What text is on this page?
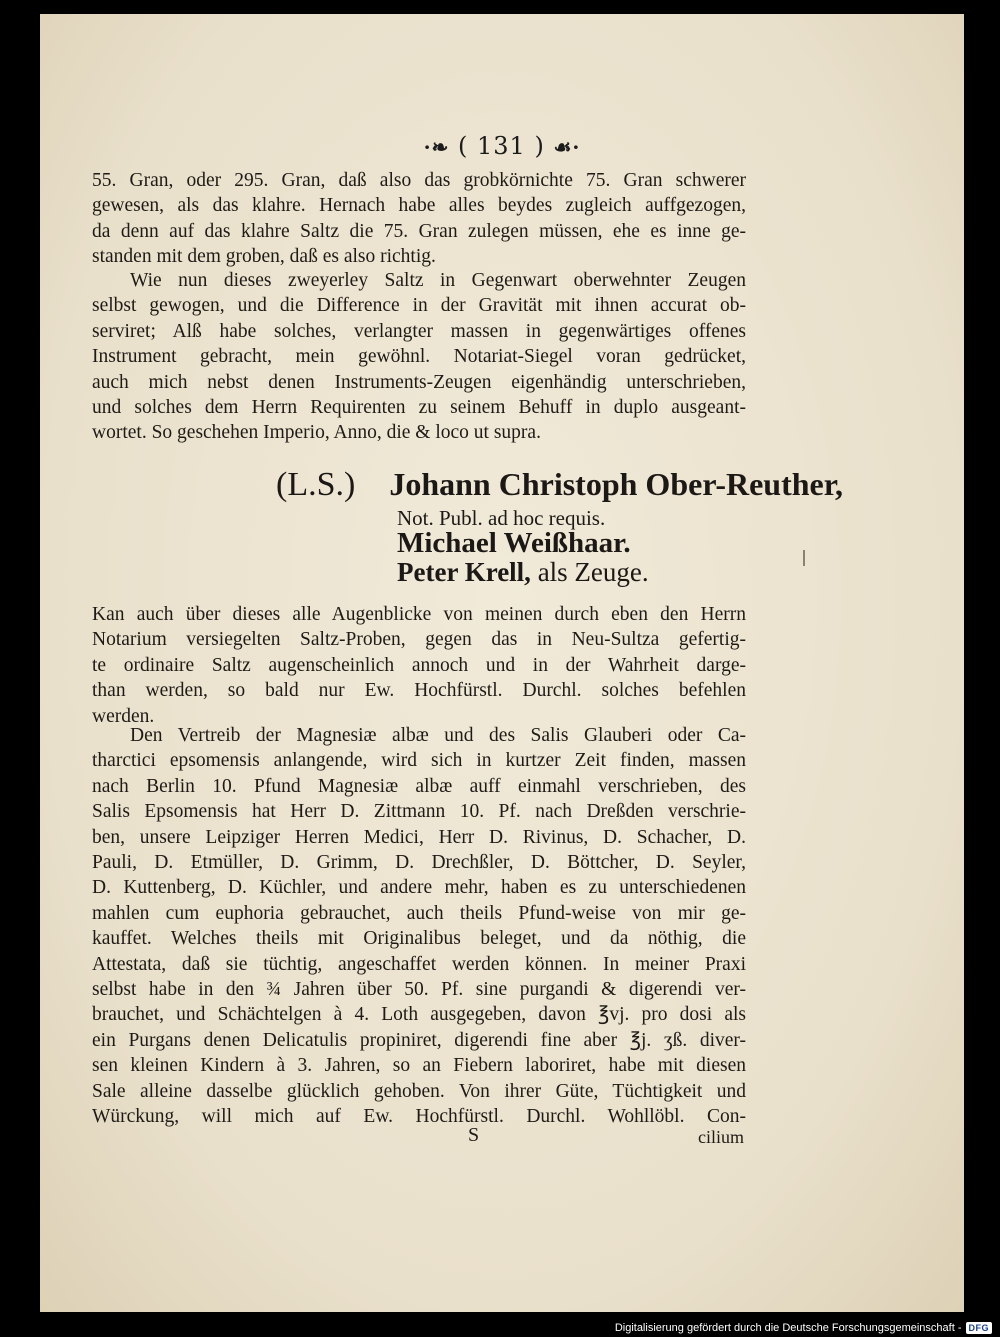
·❧ ( 131 ) ☙·
55. Gran, oder 295. Gran, daß also das grobkörnichte 75. Gran schwerer
gewesen, als das klahre. Hernach habe alles beydes zugleich auffgezogen,
da denn auf das klahre Saltz die 75. Gran zulegen müssen, ehe es inne ge-
standen mit dem groben, daß es also richtig.
Wie nun dieses zweyerley Saltz in Gegenwart oberwehnter Zeugen
selbst gewogen, und die Difference in der Gravität mit ihnen accurat ob-
serviret; Alß habe solches, verlangter massen in gegenwärtiges offenes
Instrument gebracht, mein gewöhnl. Notariat-Siegel voran gedrücket,
auch mich nebst denen Instruments-Zeugen eigenhändig unterschrieben,
und solches dem Herrn Requirenten zu seinem Behuff in duplo ausgeant-
wortet. So geschehen Imperio, Anno, die & loco ut supra.
(L.S.) Johann Christoph Ober-Reuther,
Not. Publ. ad hoc requis.
Michael Weißhaar.
Peter Krell, als Zeuge.
Kan auch über dieses alle Augenblicke von meinen durch eben den Herrn
Notarium versiegelten Saltz-Proben, gegen das in Neu-Sultza gefertig-
te ordinaire Saltz augenscheinlich annoch und in der Wahrheit darge-
than werden, so bald nur Ew. Hochfürstl. Durchl. solches befehlen
werden.
Den Vertreib der Magnesiæ albæ und des Salis Glauberi oder Ca-
tharctici epsomensis anlangende, wird sich in kurtzer Zeit finden, massen
nach Berlin 10. Pfund Magnesiæ albæ auff einmahl verschrieben, des
Salis Epsomensis hat Herr D. Zittmann 10. Pf. nach Dreßden verschrie-
ben, unsere Leipziger Herren Medici, Herr D. Rivinus, D. Schacher, D.
Pauli, D. Etmüller, D. Grimm, D. Drechßler, D. Böttcher, D. Seyler,
D. Kuttenberg, D. Küchler, und andere mehr, haben es zu unterschiedenen
mahlen cum euphoria gebrauchet, auch theils Pfund-weise von mir ge-
kauffet. Welches theils mit Originalibus beleget, und da nöthig, die
Attestata, daß sie tüchtig, angeschaffet werden können. In meiner Praxi
selbst habe in den ¾ Jahren über 50. Pf. sine purgandi & digerendi ver-
brauchet, und Schächtelgen à 4. Loth ausgegeben, davon ℥vj. pro dosi als
ein Purgans denen Delicatulis propiniret, digerendi fine aber ℥j. ʒß. diver-
sen kleinen Kindern à 3. Jahren, so an Fiebern laboriret, habe mit diesen
Sale alleine dasselbe glücklich gehoben. Von ihrer Güte, Tüchtigkeit und
Würckung, will mich auf Ew. Hochfürstl. Durchl. Wohllöbl. Con-
S	cilium
Digitalisierung gefördert durch die Deutsche Forschungsgemeinschaft - DFG
